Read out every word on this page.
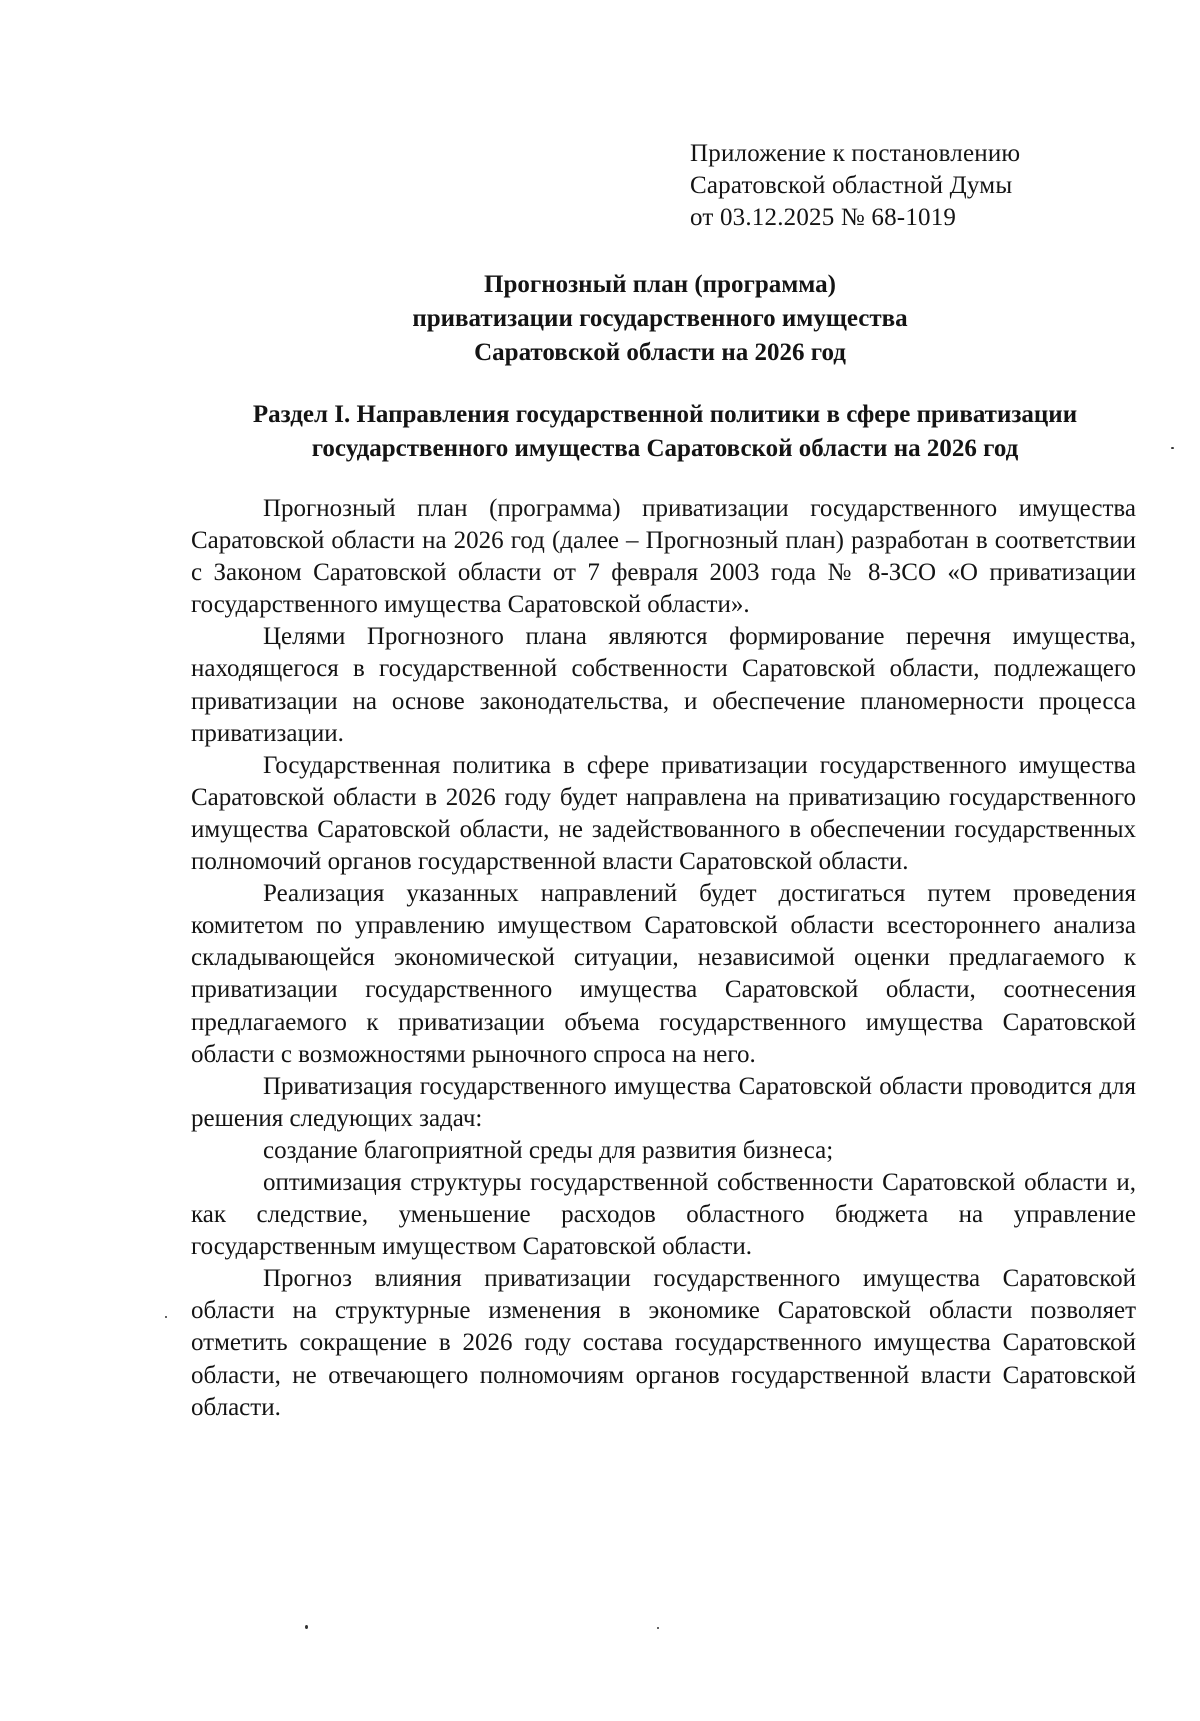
Приложение к постановлению
Саратовской областной Думы
от 03.12.2025 № 68-1019
Прогнозный план (программа)
приватизации государственного имущества
Саратовской области на 2026 год
Раздел I. Направления государственной политики в сфере приватизации
государственного имущества Саратовской области на 2026 год

Прогнозный план (программа) приватизации государственного имущества Саратовской области на 2026 год (далее – Прогнозный план) разработан в соответствии с Законом Саратовской области от 7 февраля 2003 года № 8-ЗСО «О приватизации государственного имущества Саратовской области».

Целями Прогнозного плана являются формирование перечня имущества, находящегося в государственной собственности Саратовской области, подлежащего приватизации на основе законодательства, и обеспечение планомерности процесса приватизации.

Государственная политика в сфере приватизации государственного имущества Саратовской области в 2026 году будет направлена на приватизацию государственного имущества Саратовской области, не задействованного в обеспечении государственных полномочий органов государственной власти Саратовской области.

Реализация указанных направлений будет достигаться путем проведения комитетом по управлению имуществом Саратовской области всестороннего анализа складывающейся экономической ситуации, независимой оценки предлагаемого к приватизации государственного имущества Саратовской области, соотнесения предлагаемого к приватизации объема государственного имущества Саратовской области с возможностями рыночного спроса на него.

Приватизация государственного имущества Саратовской области проводится для решения следующих задач:

создание благоприятной среды для развития бизнеса;

оптимизация структуры государственной собственности Саратовской области и, как следствие, уменьшение расходов областного бюджета на управление государственным имуществом Саратовской области.

Прогноз влияния приватизации государственного имущества Саратовской области на структурные изменения в экономике Саратовской области позволяет отметить сокращение в 2026 году состава государственного имущества Саратовской области, не отвечающего полномочиям органов государственной власти Саратовской области.
